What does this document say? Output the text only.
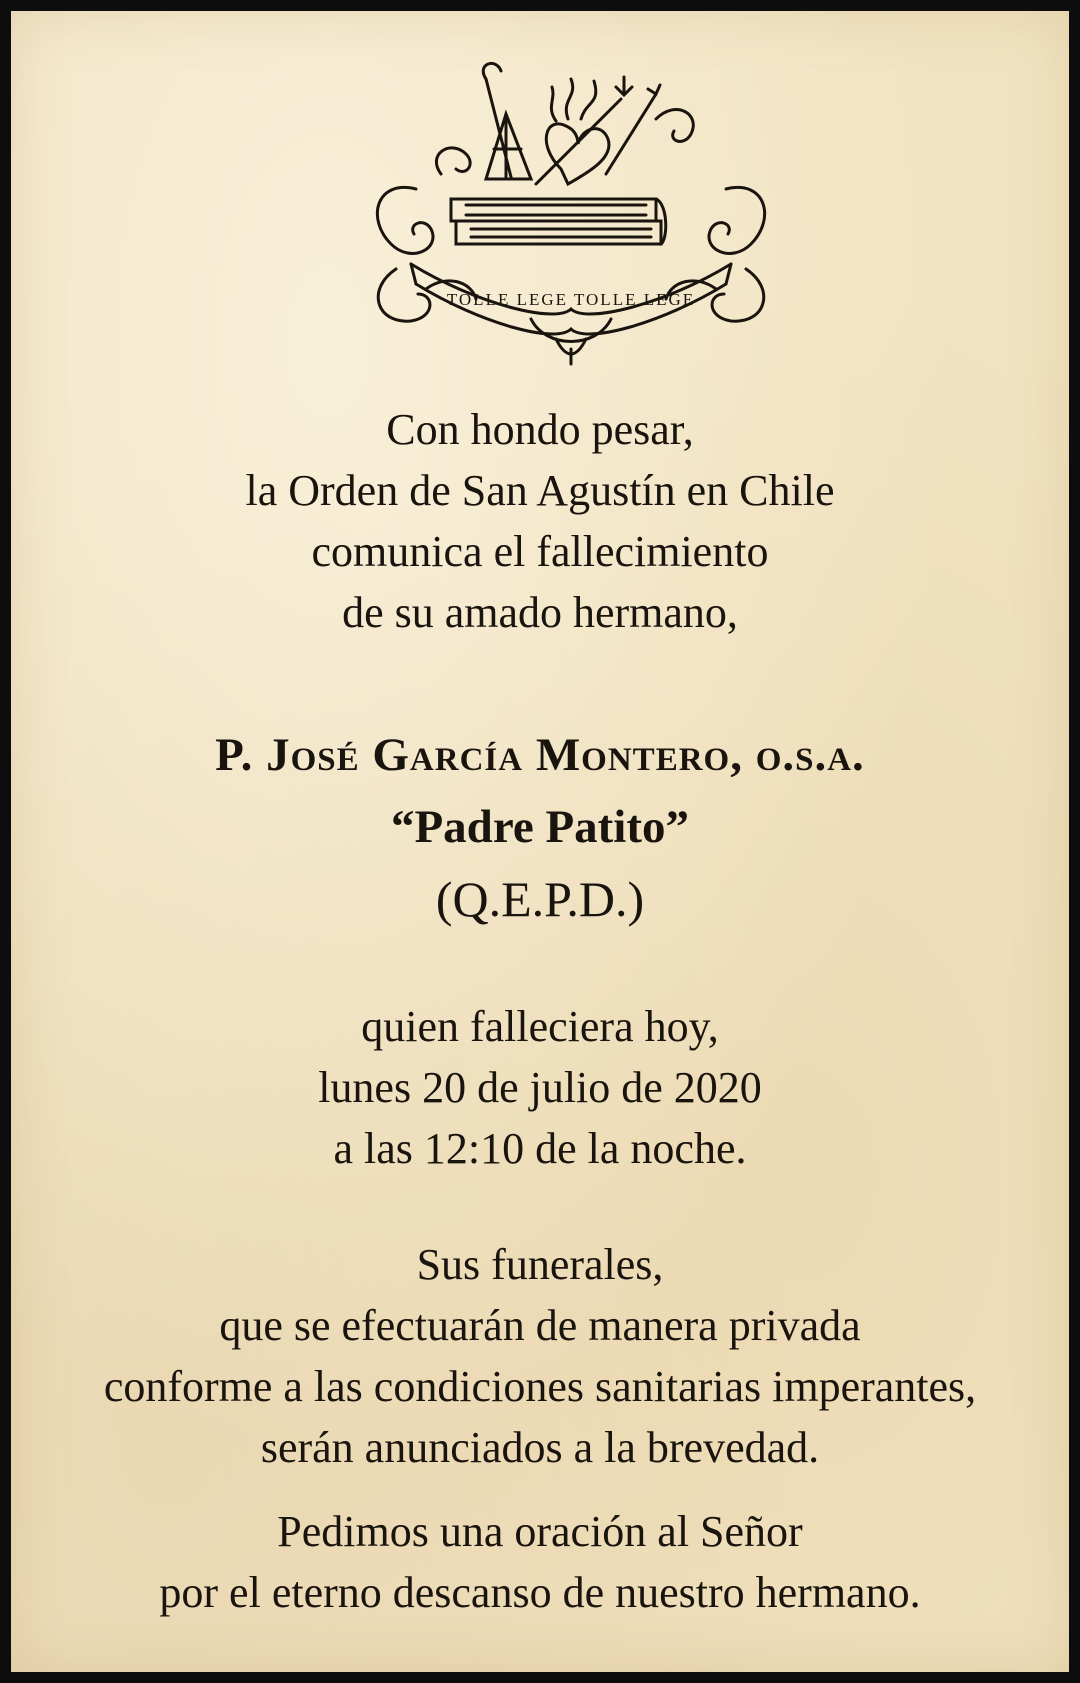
TOLLE LEGE TOLLE LEGE
Con hondo pesar,
la Orden de San Agustín en Chile
comunica el fallecimiento
de su amado hermano,
P. José García Montero, o.s.a.
“Padre Patito”
(Q.E.P.D.)
quien falleciera hoy,
lunes 20 de julio de 2020
a las 12:10 de la noche.
Sus funerales,
que se efectuarán de manera privada
conforme a las condiciones sanitarias imperantes,
serán anunciados a la brevedad.
Pedimos una oración al Señor
por el eterno descanso de nuestro hermano.
